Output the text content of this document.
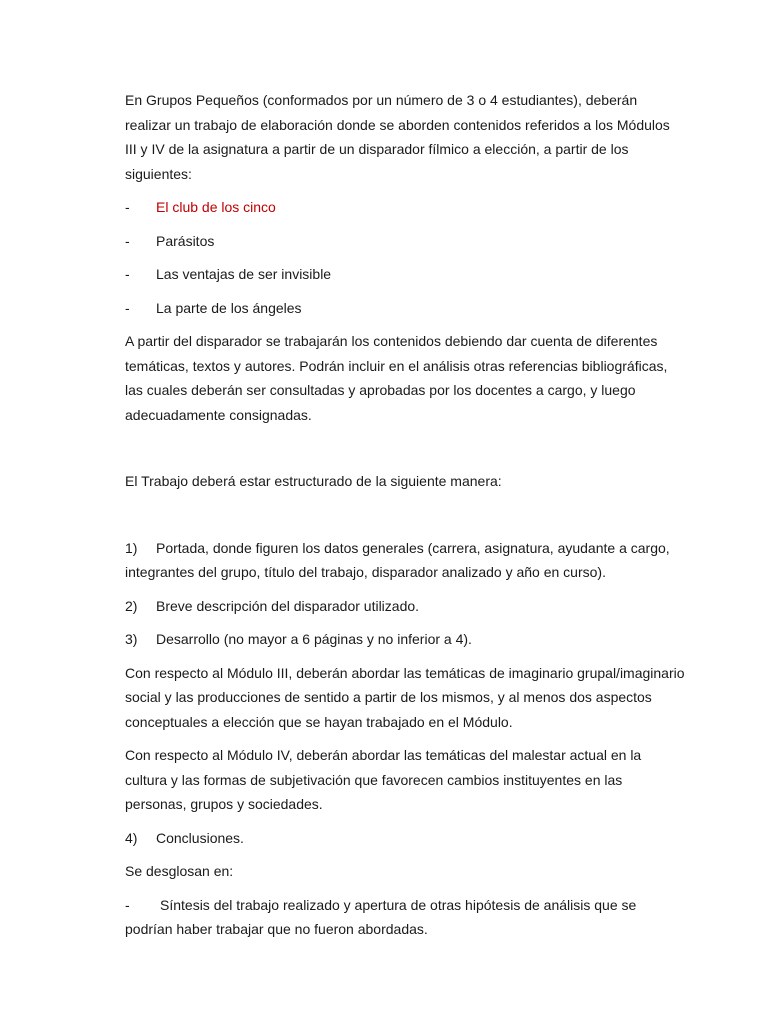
En Grupos Pequeños (conformados por un número de 3 o 4 estudiantes), deberán realizar un trabajo de elaboración donde se aborden contenidos referidos a los Módulos III y IV de la asignatura a partir de un disparador fílmico a elección, a partir de los siguientes:

- El club de los cinco
- Parásitos
- Las ventajas de ser invisible
- La parte de los ángeles

A partir del disparador se trabajarán los contenidos debiendo dar cuenta de diferentes temáticas, textos y autores. Podrán incluir en el análisis otras referencias bibliográficas, las cuales deberán ser consultadas y aprobadas por los docentes a cargo, y luego adecuadamente consignadas.

El Trabajo deberá estar estructurado de la siguiente manera:

1) Portada, donde figuren los datos generales (carrera, asignatura, ayudante a cargo, integrantes del grupo, título del trabajo, disparador analizado y año en curso).
2) Breve descripción del disparador utilizado.
3) Desarrollo (no mayor a 6 páginas y no inferior a 4).

Con respecto al Módulo III, deberán abordar las temáticas de imaginario grupal/imaginario social y las producciones de sentido a partir de los mismos, y al menos dos aspectos conceptuales a elección que se hayan trabajado en el Módulo.

Con respecto al Módulo IV, deberán abordar las temáticas del malestar actual en la cultura y las formas de subjetivación que favorecen cambios instituyentes en las personas, grupos y sociedades.

4) Conclusiones.

Se desglosan en:

- Síntesis del trabajo realizado y apertura de otras hipótesis de análisis que se podrían haber trabajar que no fueron abordadas.
